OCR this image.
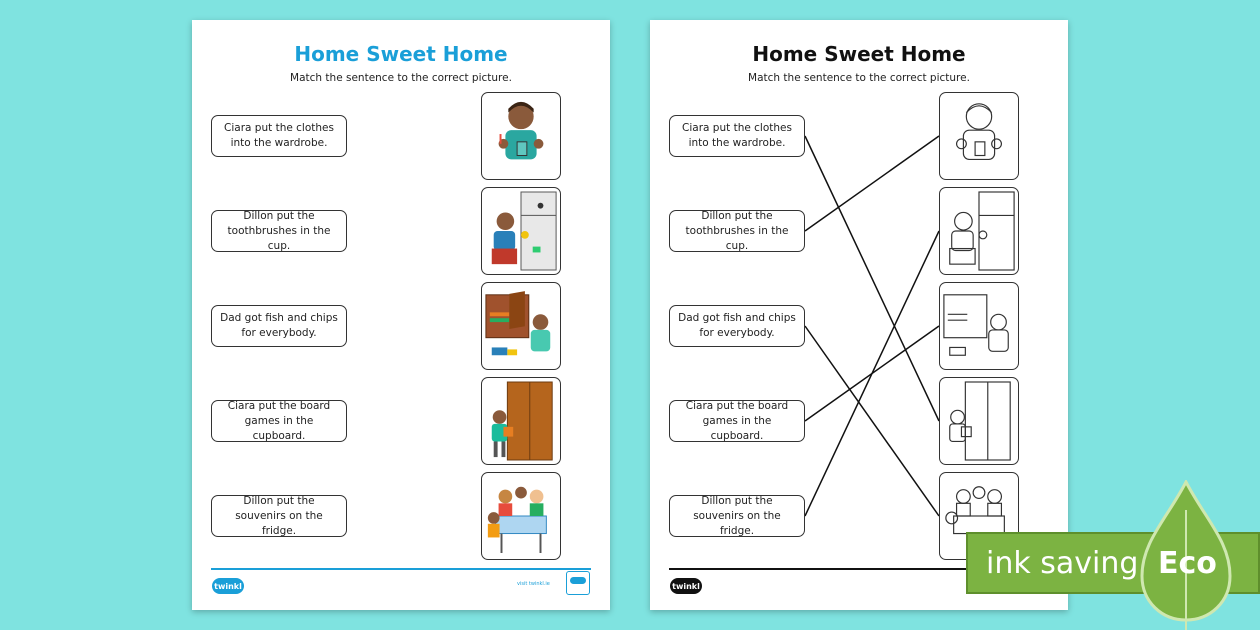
Home Sweet Home
Match the sentence to the correct picture.
Ciara put the clothes into the wardrobe.
Dillon put the toothbrushes in the cup.
Dad got fish and chips for everybody.
Ciara put the board games in the cupboard.
Dillon put the souvenirs on the fridge.
twinkl	visit twinkl.ie
Home Sweet Home
Match the sentence to the correct picture.
Ciara put the clothes into the wardrobe.
Dillon put the toothbrushes in the cup.
Dad got fish and chips for everybody.
Ciara put the board games in the cupboard.
Dillon put the souvenirs on the fridge.
twinkl
ink saving Eco
